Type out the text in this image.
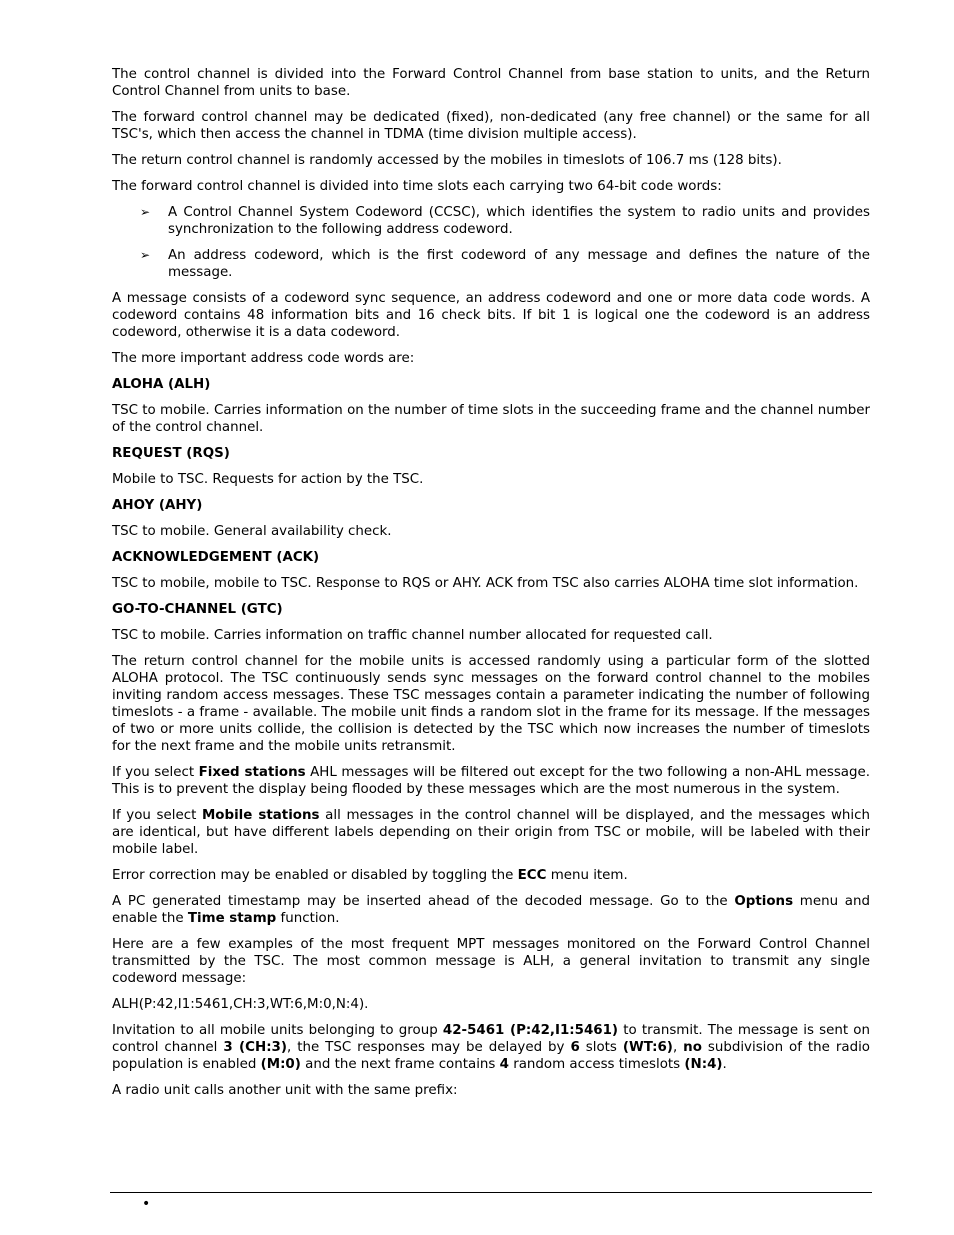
The control channel is divided into the Forward Control Channel from base station to units, and the Return Control Channel from units to base.

The forward control channel may be dedicated (fixed), non-dedicated (any free channel) or the same for all TSC's, which then access the channel in TDMA (time division multiple access).

The return control channel is randomly accessed by the mobiles in timeslots of 106.7 ms (128 bits).

The forward control channel is divided into time slots each carrying two 64-bit code words:

➢ A Control Channel System Codeword (CCSC), which identifies the system to radio units and provides synchronization to the following address codeword.
➢ An address codeword, which is the first codeword of any message and defines the nature of the message.

A message consists of a codeword sync sequence, an address codeword and one or more data code words. A codeword contains 48 information bits and 16 check bits. If bit 1 is logical one the codeword is an address codeword, otherwise it is a data codeword.

The more important address code words are:

ALOHA (ALH)

TSC to mobile. Carries information on the number of time slots in the succeeding frame and the channel number of the control channel.

REQUEST (RQS)

Mobile to TSC. Requests for action by the TSC.

AHOY (AHY)

TSC to mobile. General availability check.

ACKNOWLEDGEMENT (ACK)

TSC to mobile, mobile to TSC. Response to RQS or AHY. ACK from TSC also carries ALOHA time slot information.

GO-TO-CHANNEL (GTC)

TSC to mobile. Carries information on traffic channel number allocated for requested call.

The return control channel for the mobile units is accessed randomly using a particular form of the slotted ALOHA protocol. The TSC continuously sends sync messages on the forward control channel to the mobiles inviting random access messages. These TSC messages contain a parameter indicating the number of following timeslots - a frame - available. The mobile unit finds a random slot in the frame for its message. If the messages of two or more units collide, the collision is detected by the TSC which now increases the number of timeslots for the next frame and the mobile units retransmit.

If you select Fixed stations AHL messages will be filtered out except for the two following a non-AHL message. This is to prevent the display being flooded by these messages which are the most numerous in the system.

If you select Mobile stations all messages in the control channel will be displayed, and the messages which are identical, but have different labels depending on their origin from TSC or mobile, will be labeled with their mobile label.

Error correction may be enabled or disabled by toggling the ECC menu item.

A PC generated timestamp may be inserted ahead of the decoded message. Go to the Options menu and enable the Time stamp function.

Here are a few examples of the most frequent MPT messages monitored on the Forward Control Channel transmitted by the TSC. The most common message is ALH, a general invitation to transmit any single codeword message:

ALH(P:42,I1:5461,CH:3,WT:6,M:0,N:4).

Invitation to all mobile units belonging to group 42-5461 (P:42,I1:5461) to transmit. The message is sent on control channel 3 (CH:3), the TSC responses may be delayed by 6 slots (WT:6), no subdivision of the radio population is enabled (M:0) and the next frame contains 4 random access timeslots (N:4).

A radio unit calls another unit with the same prefix:

•
